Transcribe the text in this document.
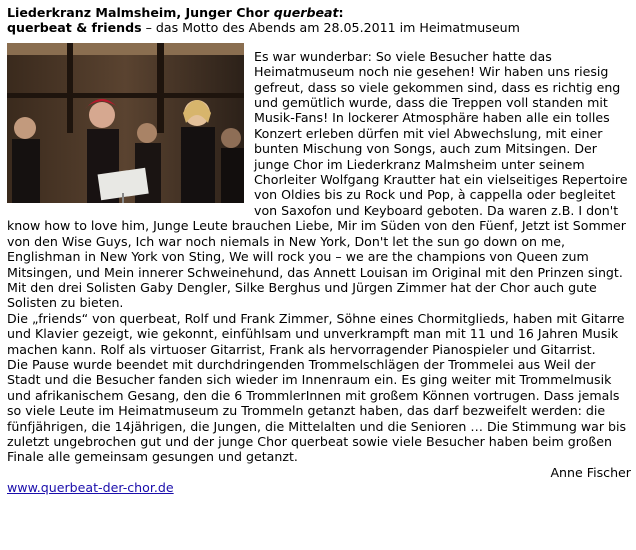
Liederkranz Malmsheim, Junger Chor querbeat:
querbeat & friends – das Motto des Abends am 28.05.2011 im Heimatmuseum

Es war wunderbar: So viele Besucher hatte das Heimatmuseum noch nie gesehen! Wir haben uns riesig gefreut, dass so viele gekommen sind, dass es richtig eng und gemütlich wurde, dass die Treppen voll standen mit Musik-Fans! In lockerer Atmosphäre haben alle ein tolles Konzert erleben dürfen mit viel Abwechslung, mit einer bunten Mischung von Songs, auch zum Mitsingen. Der junge Chor im Liederkranz Malmsheim unter seinem Chorleiter Wolfgang Krautter hat ein vielseitiges Repertoire von Oldies bis zu Rock und Pop, à cappella oder begleitet von Saxofon und Keyboard geboten. Da waren z.B. I don't know how to love him, Junge Leute brauchen Liebe, Mir im Süden von den Füenf, Jetzt ist Sommer von den Wise Guys, Ich war noch niemals in New York, Don't let the sun go down on me, Englishman in New York von Sting, We will rock you – we are the champions von Queen zum Mitsingen, und Mein innerer Schweinehund, das Annett Louisan im Original mit den Prinzen singt. Mit den drei Solisten Gaby Dengler, Silke Berghus und Jürgen Zimmer hat der Chor auch gute Solisten zu bieten.

Die „friends“ von querbeat, Rolf und Frank Zimmer, Söhne eines Chormitglieds, haben mit Gitarre und Klavier gezeigt, wie gekonnt, einfühlsam und unverkrampft man mit 11 und 16 Jahren Musik machen kann. Rolf als virtuoser Gitarrist, Frank als hervorragender Pianospieler und Gitarrist.

Die Pause wurde beendet mit durchdringenden Trommelschlägen der Trommelei aus Weil der Stadt und die Besucher fanden sich wieder im Innenraum ein. Es ging weiter mit Trommelmusik und afrikanischem Gesang, den die 6 TrommlerInnen mit großem Können vortrugen. Dass jemals so viele Leute im Heimatmuseum zu Trommeln getanzt haben, das darf bezweifelt werden: die fünfjährigen, die 14jährigen, die Jungen, die Mittelalten und die Senioren … Die Stimmung war bis zuletzt ungebrochen gut und der junge Chor querbeat sowie viele Besucher haben beim großen Finale alle gemeinsam gesungen und getanzt.

Anne Fischer

www.querbeat-der-chor.de
